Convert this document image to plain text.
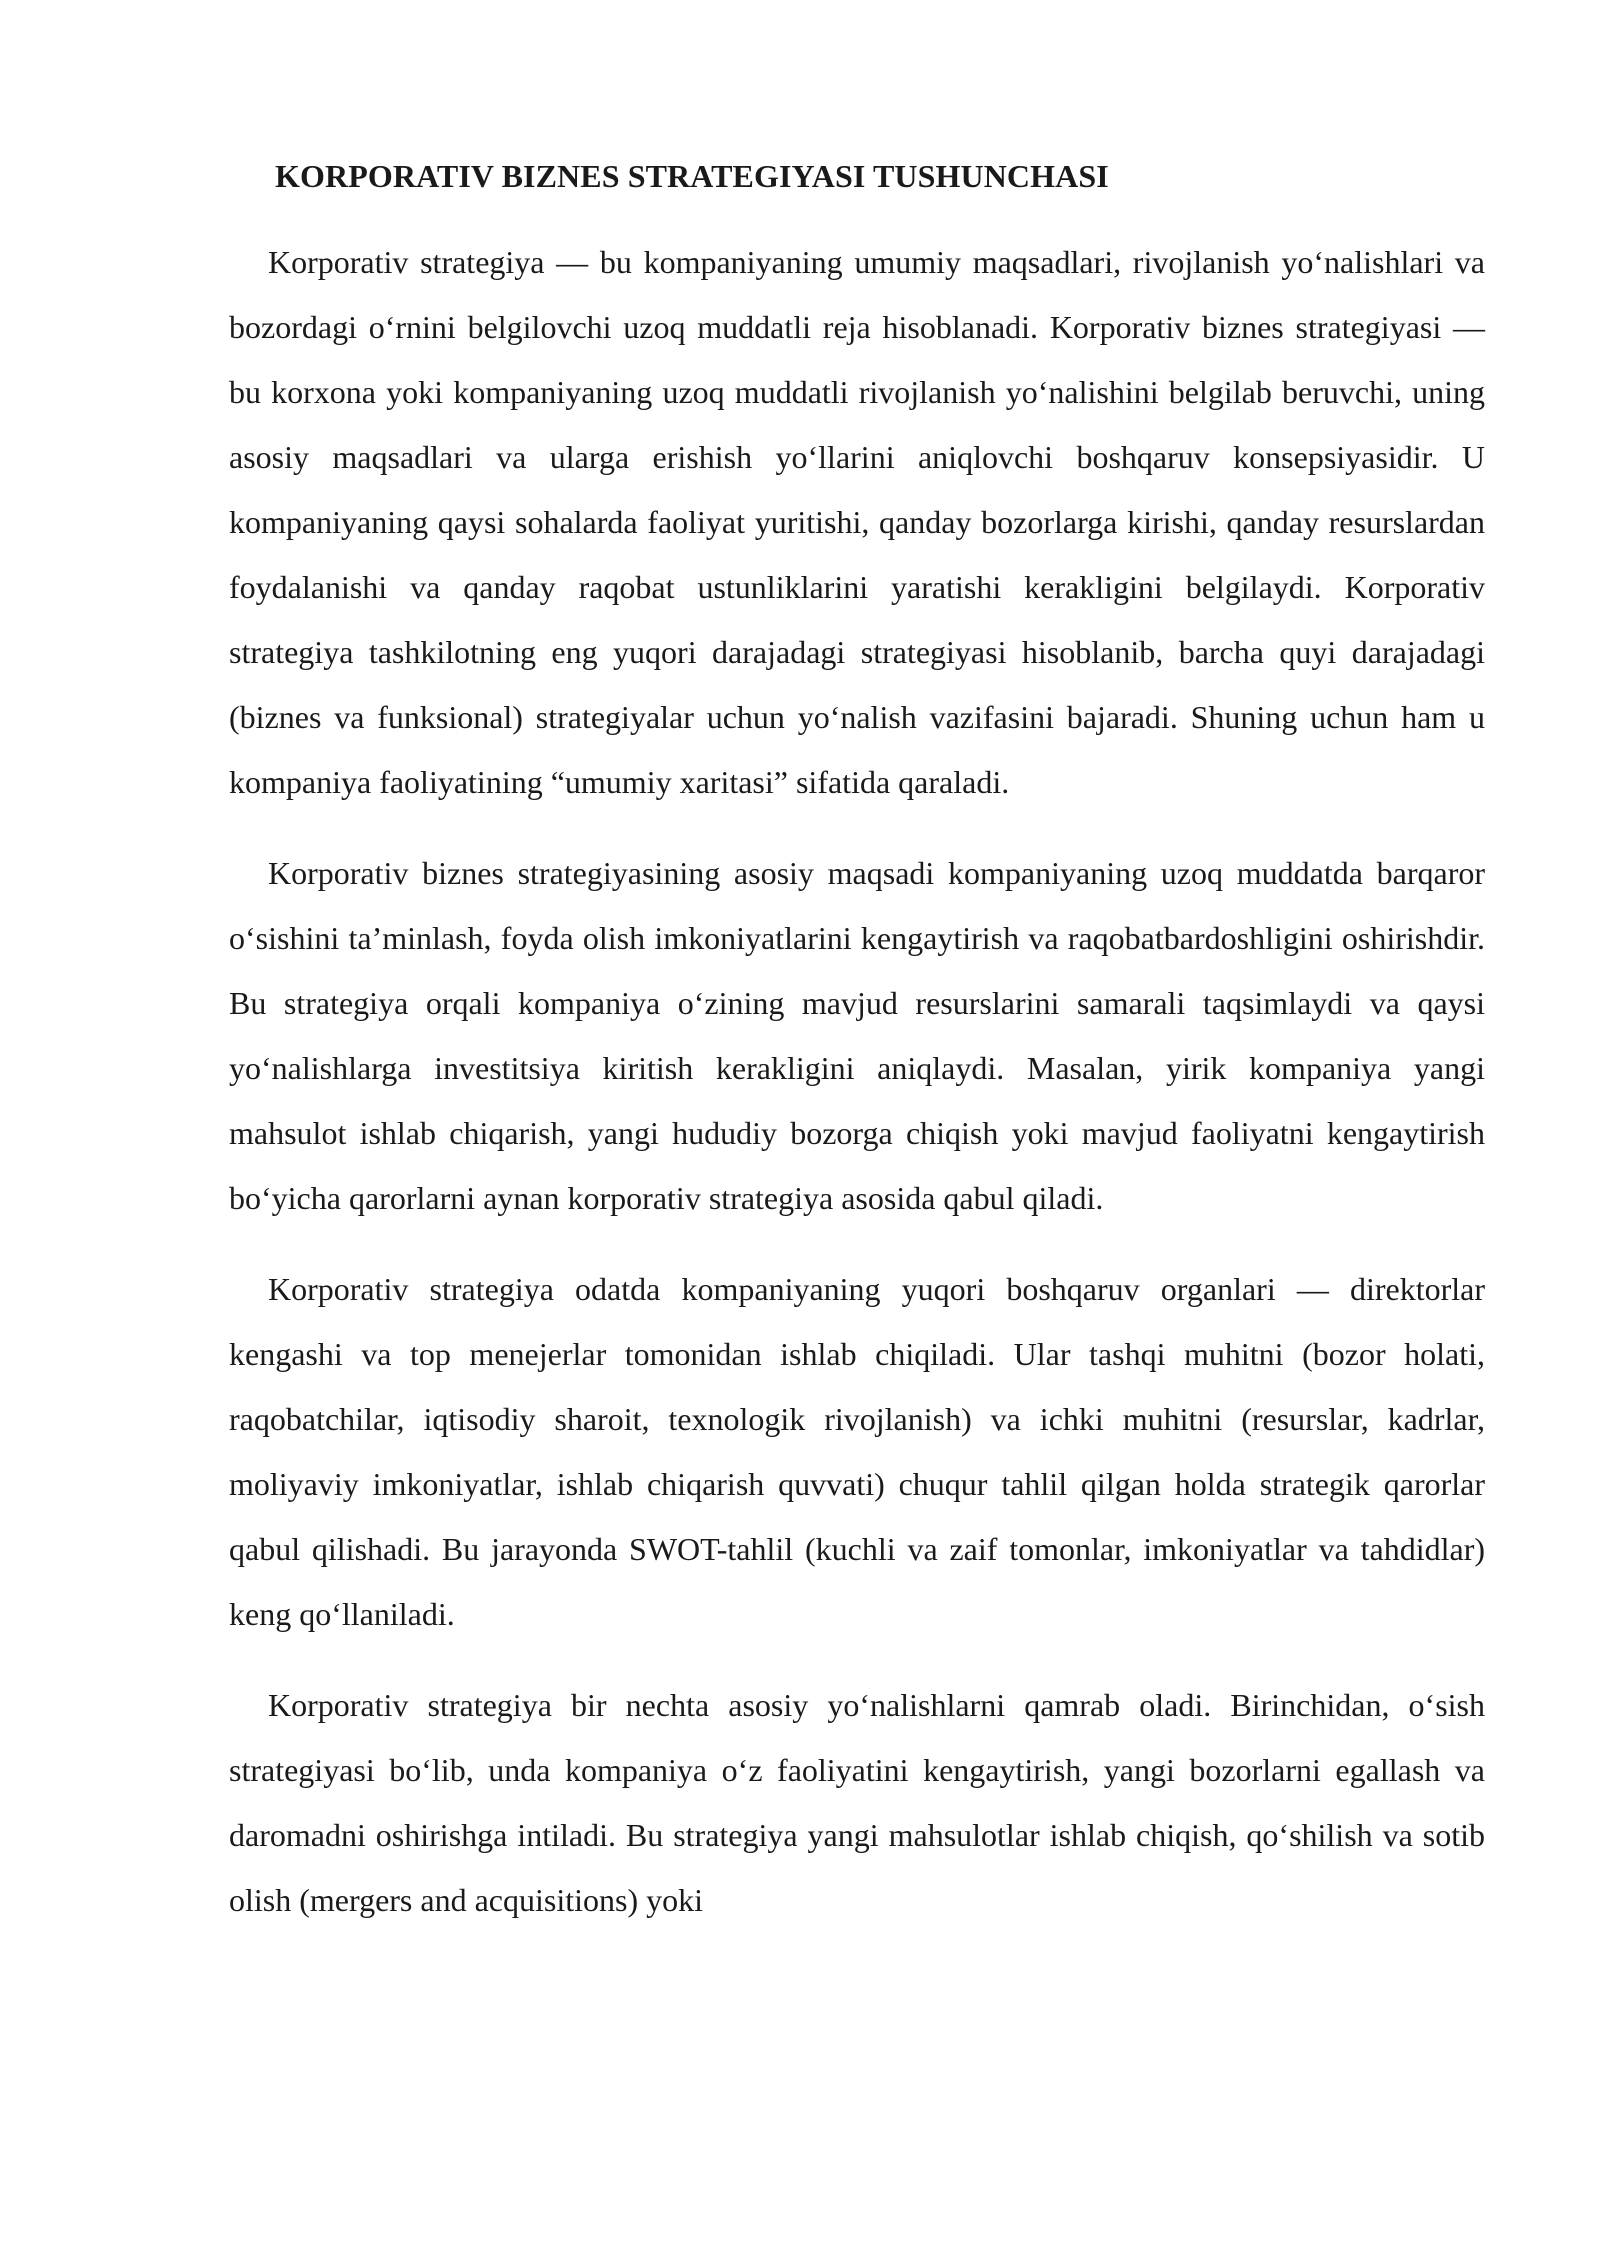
KORPORATIV BIZNES STRATEGIYASI TUSHUNCHASI

Korporativ strategiya — bu kompaniyaning umumiy maqsadlari, rivojlanish yo‘nalishlari va bozordagi o‘rnini belgilovchi uzoq muddatli reja hisoblanadi. Korporativ biznes strategiyasi — bu korxona yoki kompaniyaning uzoq muddatli rivojlanish yo‘nalishini belgilab beruvchi, uning asosiy maqsadlari va ularga erishish yo‘llarini aniqlovchi boshqaruv konsepsiyasidir. U kompaniyaning qaysi sohalarda faoliyat yuritishi, qanday bozorlarga kirishi, qanday resurslardan foydalanishi va qanday raqobat ustunliklarini yaratishi kerakligini belgilaydi. Korporativ strategiya tashkilotning eng yuqori darajadagi strategiyasi hisoblanib, barcha quyi darajadagi (biznes va funksional) strategiyalar uchun yo‘nalish vazifasini bajaradi. Shuning uchun ham u kompaniya faoliyatining “umumiy xaritasi” sifatida qaraladi.

Korporativ biznes strategiyasining asosiy maqsadi kompaniyaning uzoq muddatda barqaror o‘sishini ta’minlash, foyda olish imkoniyatlarini kengaytirish va raqobatbardoshligini oshirishdir. Bu strategiya orqali kompaniya o‘zining mavjud resurslarini samarali taqsimlaydi va qaysi yo‘nalishlarga investitsiya kiritish kerakligini aniqlaydi. Masalan, yirik kompaniya yangi mahsulot ishlab chiqarish, yangi hududiy bozorga chiqish yoki mavjud faoliyatni kengaytirish bo‘yicha qarorlarni aynan korporativ strategiya asosida qabul qiladi.

Korporativ strategiya odatda kompaniyaning yuqori boshqaruv organlari — direktorlar kengashi va top menejerlar tomonidan ishlab chiqiladi. Ular tashqi muhitni (bozor holati, raqobatchilar, iqtisodiy sharoit, texnologik rivojlanish) va ichki muhitni (resurslar, kadrlar, moliyaviy imkoniyatlar, ishlab chiqarish quvvati) chuqur tahlil qilgan holda strategik qarorlar qabul qilishadi. Bu jarayonda SWOT-tahlil (kuchli va zaif tomonlar, imkoniyatlar va tahdidlar) keng qo‘llaniladi.

Korporativ strategiya bir nechta asosiy yo‘nalishlarni qamrab oladi. Birinchidan, o‘sish strategiyasi bo‘lib, unda kompaniya o‘z faoliyatini kengaytirish, yangi bozorlarni egallash va daromadni oshirishga intiladi. Bu strategiya yangi mahsulotlar ishlab chiqish, qo‘shilish va sotib olish (mergers and acquisitions) yoki
